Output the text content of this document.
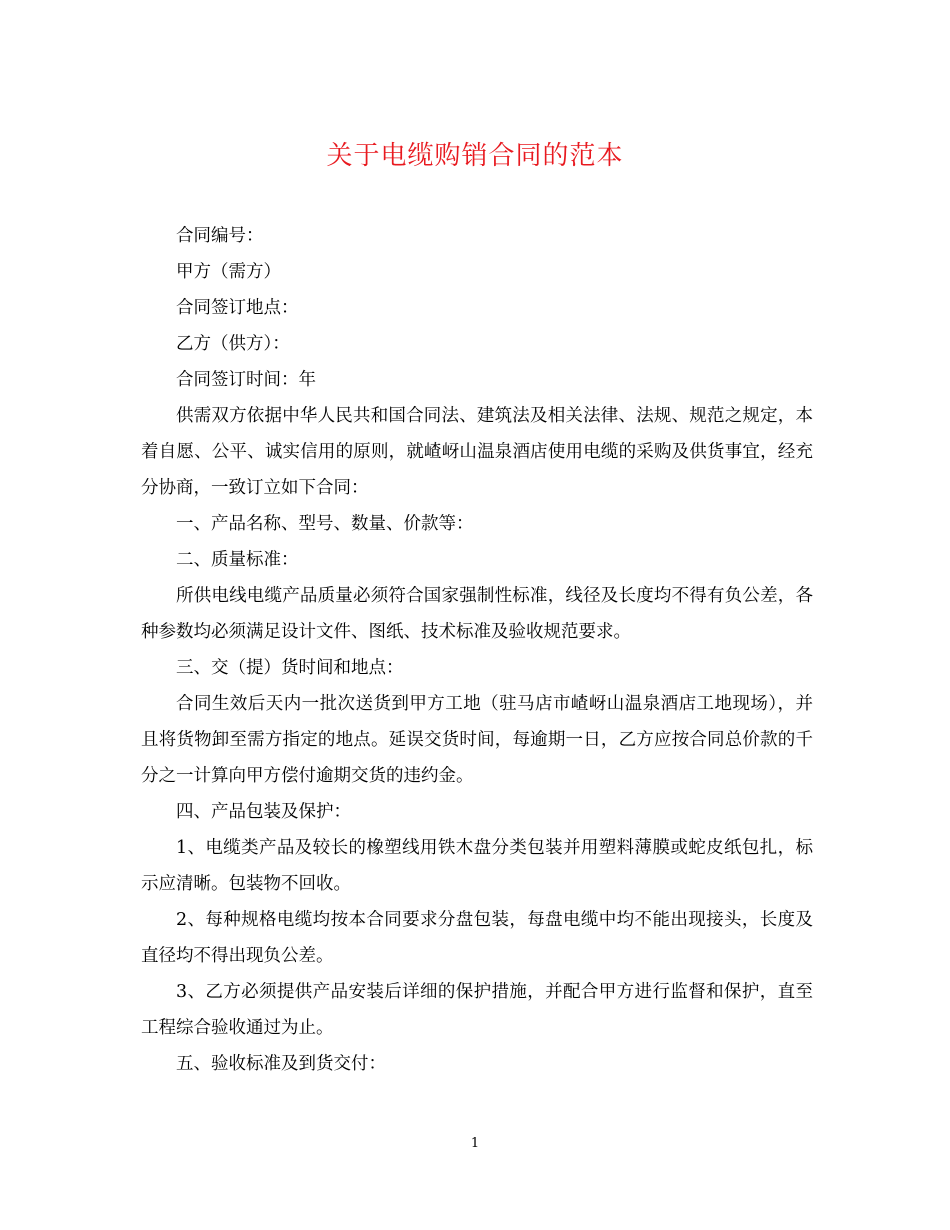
关于电缆购销合同的范本

合同编号：

甲方（需方）

合同签订地点：

乙方（供方）：

合同签订时间：年

供需双方依据中华人民共和国合同法、建筑法及相关法律、法规、规范之规定，本着自愿、公平、诚实信用的原则，就嵖岈山温泉酒店使用电缆的采购及供货事宜，经充分协商，一致订立如下合同：

一、产品名称、型号、数量、价款等：

二、质量标准：

所供电线电缆产品质量必须符合国家强制性标准，线径及长度均不得有负公差，各种参数均必须满足设计文件、图纸、技术标准及验收规范要求。

三、交（提）货时间和地点：

合同生效后天内一批次送货到甲方工地（驻马店市嵖岈山温泉酒店工地现场），并且将货物卸至需方指定的地点。延误交货时间，每逾期一日，乙方应按合同总价款的千分之一计算向甲方偿付逾期交货的违约金。

四、产品包装及保护：

1、电缆类产品及较长的橡塑线用铁木盘分类包装并用塑料薄膜或蛇皮纸包扎，标示应清晰。包装物不回收。

2、每种规格电缆均按本合同要求分盘包装，每盘电缆中均不能出现接头，长度及直径均不得出现负公差。

3、乙方必须提供产品安装后详细的保护措施，并配合甲方进行监督和保护，直至工程综合验收通过为止。

五、验收标准及到货交付：

1
